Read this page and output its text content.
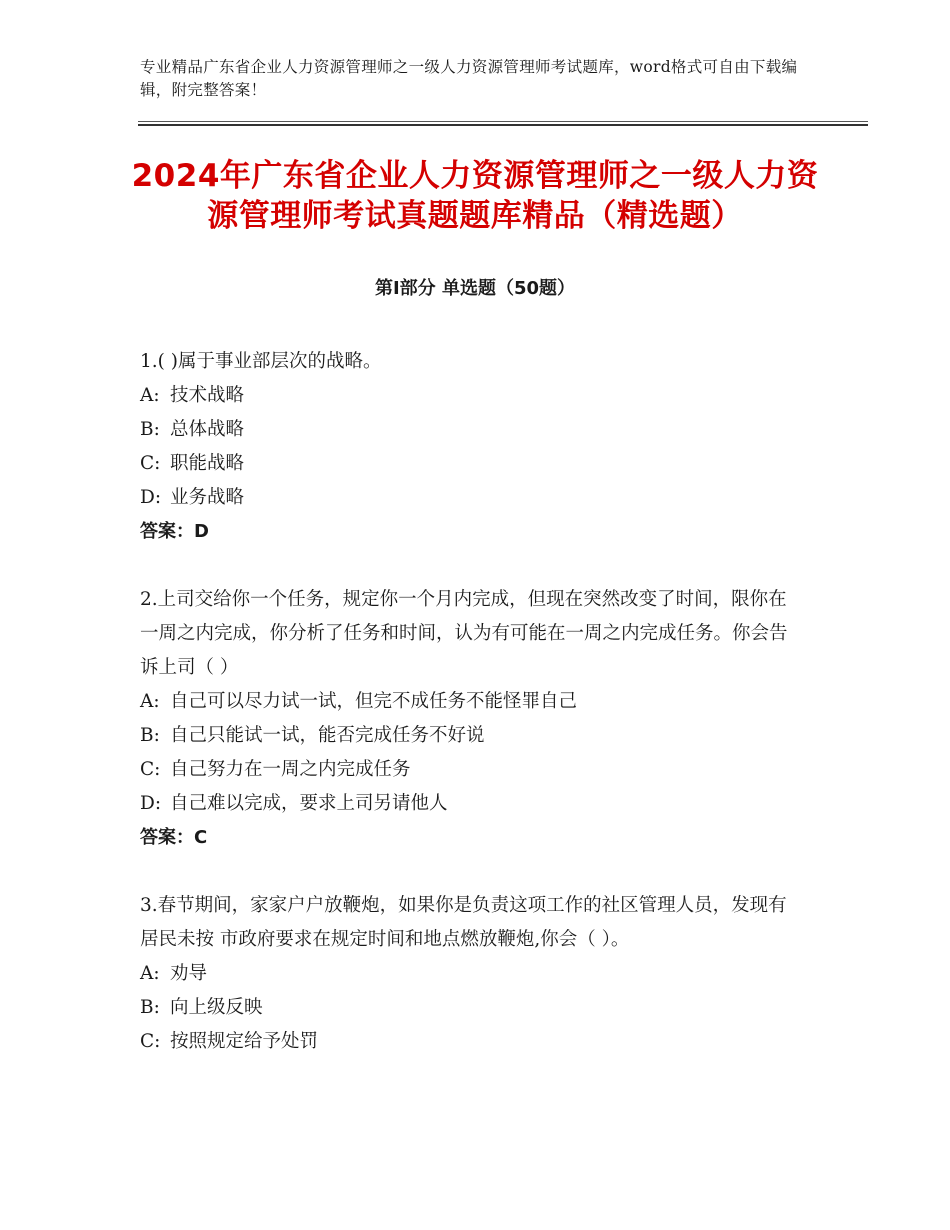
专业精品广东省企业人力资源管理师之一级人力资源管理师考试题库，word格式可自由下载编辑，附完整答案！
2024年广东省企业人力资源管理师之一级人力资源管理师考试真题题库精品（精选题）
第Ⅰ部分 单选题（50题）

1.( )属于事业部层次的战略。

A: 技术战略

B: 总体战略

C: 职能战略

D: 业务战略

答案：D

2.上司交给你一个任务，规定你一个月内完成，但现在突然改变了时间，限你在一周之内完成，你分析了任务和时间，认为有可能在一周之内完成任务。你会告诉上司（ ）

A: 自己可以尽力试一试，但完不成任务不能怪罪自己

B: 自己只能试一试，能否完成任务不好说

C: 自己努力在一周之内完成任务

D: 自己难以完成，要求上司另请他人

答案：C

3.春节期间，家家户户放鞭炮，如果你是负责这项工作的社区管理人员，发现有居民未按 市政府要求在规定时间和地点燃放鞭炮,你会（ ）。

A: 劝导

B: 向上级反映

C: 按照规定给予处罚
